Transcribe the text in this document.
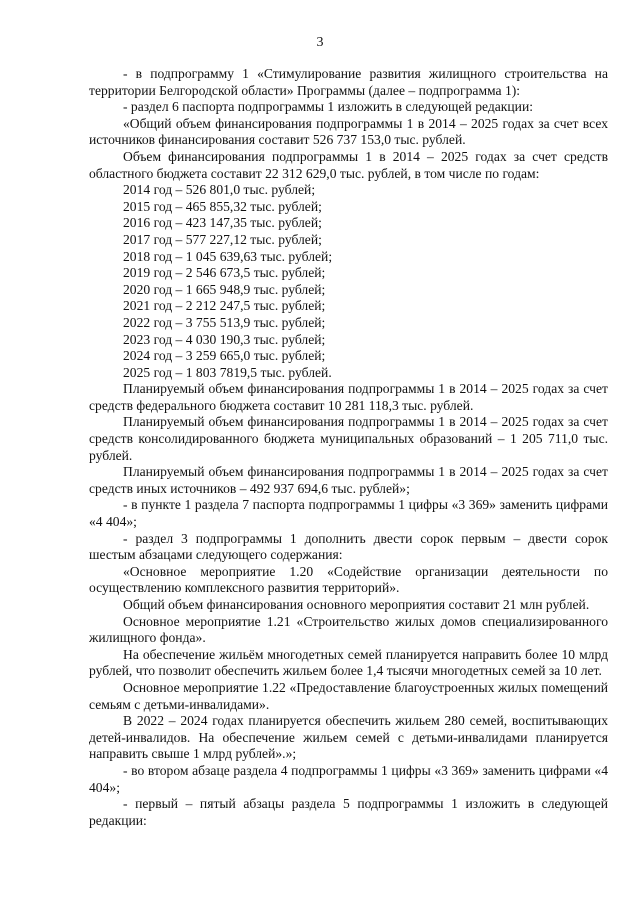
3

- в подпрограмму 1 «Стимулирование развития жилищного строительства на территории Белгородской области» Программы (далее – подпрограмма 1):

- раздел 6 паспорта подпрограммы 1 изложить в следующей редакции:

«Общий объем финансирования подпрограммы 1 в 2014 – 2025 годах за счет всех источников финансирования составит 526 737 153,0 тыс. рублей.

Объем финансирования подпрограммы 1 в 2014 – 2025 годах за счет средств областного бюджета составит 22 312 629,0 тыс. рублей, в том числе по годам:

2014 год – 526 801,0 тыс. рублей;

2015 год – 465 855,32 тыс. рублей;

2016 год – 423 147,35 тыс. рублей;

2017 год – 577 227,12 тыс. рублей;

2018 год – 1 045 639,63 тыс. рублей;

2019 год – 2 546 673,5 тыс. рублей;

2020 год – 1 665 948,9 тыс. рублей;

2021 год – 2 212 247,5 тыс. рублей;

2022 год – 3 755 513,9 тыс. рублей;

2023 год – 4 030 190,3 тыс. рублей;

2024 год – 3 259 665,0 тыс. рублей;

2025 год – 1 803 7819,5 тыс. рублей.

Планируемый объем финансирования подпрограммы 1 в 2014 – 2025 годах за счет средств федерального бюджета составит 10 281 118,3 тыс. рублей.

Планируемый объем финансирования подпрограммы 1 в 2014 – 2025 годах за счет средств консолидированного бюджета муниципальных образований – 1 205 711,0 тыс. рублей.

Планируемый объем финансирования подпрограммы 1 в 2014 – 2025 годах за счет средств иных источников – 492 937 694,6 тыс. рублей»;

- в пункте 1 раздела 7 паспорта подпрограммы 1 цифры «3 369» заменить цифрами «4 404»;

- раздел 3 подпрограммы 1 дополнить двести сорок первым – двести сорок шестым абзацами следующего содержания:

«Основное мероприятие 1.20 «Содействие организации деятельности по осуществлению комплексного развития территорий».

Общий объем финансирования основного мероприятия составит 21 млн рублей.

Основное мероприятие 1.21 «Строительство жилых домов специализированного жилищного фонда».

На обеспечение жильём многодетных семей планируется направить более 10 млрд рублей, что позволит обеспечить жильем более 1,4 тысячи многодетных семей за 10 лет.

Основное мероприятие 1.22 «Предоставление благоустроенных жилых помещений семьям с детьми-инвалидами».

В 2022 – 2024 годах планируется обеспечить жильем 280 семей, воспитывающих детей-инвалидов. На обеспечение жильем семей с детьми-инвалидами планируется направить свыше 1 млрд рублей».»;

- во втором абзаце раздела 4 подпрограммы 1 цифры «3 369» заменить цифрами «4 404»;

- первый – пятый абзацы раздела 5 подпрограммы 1 изложить в следующей редакции:
